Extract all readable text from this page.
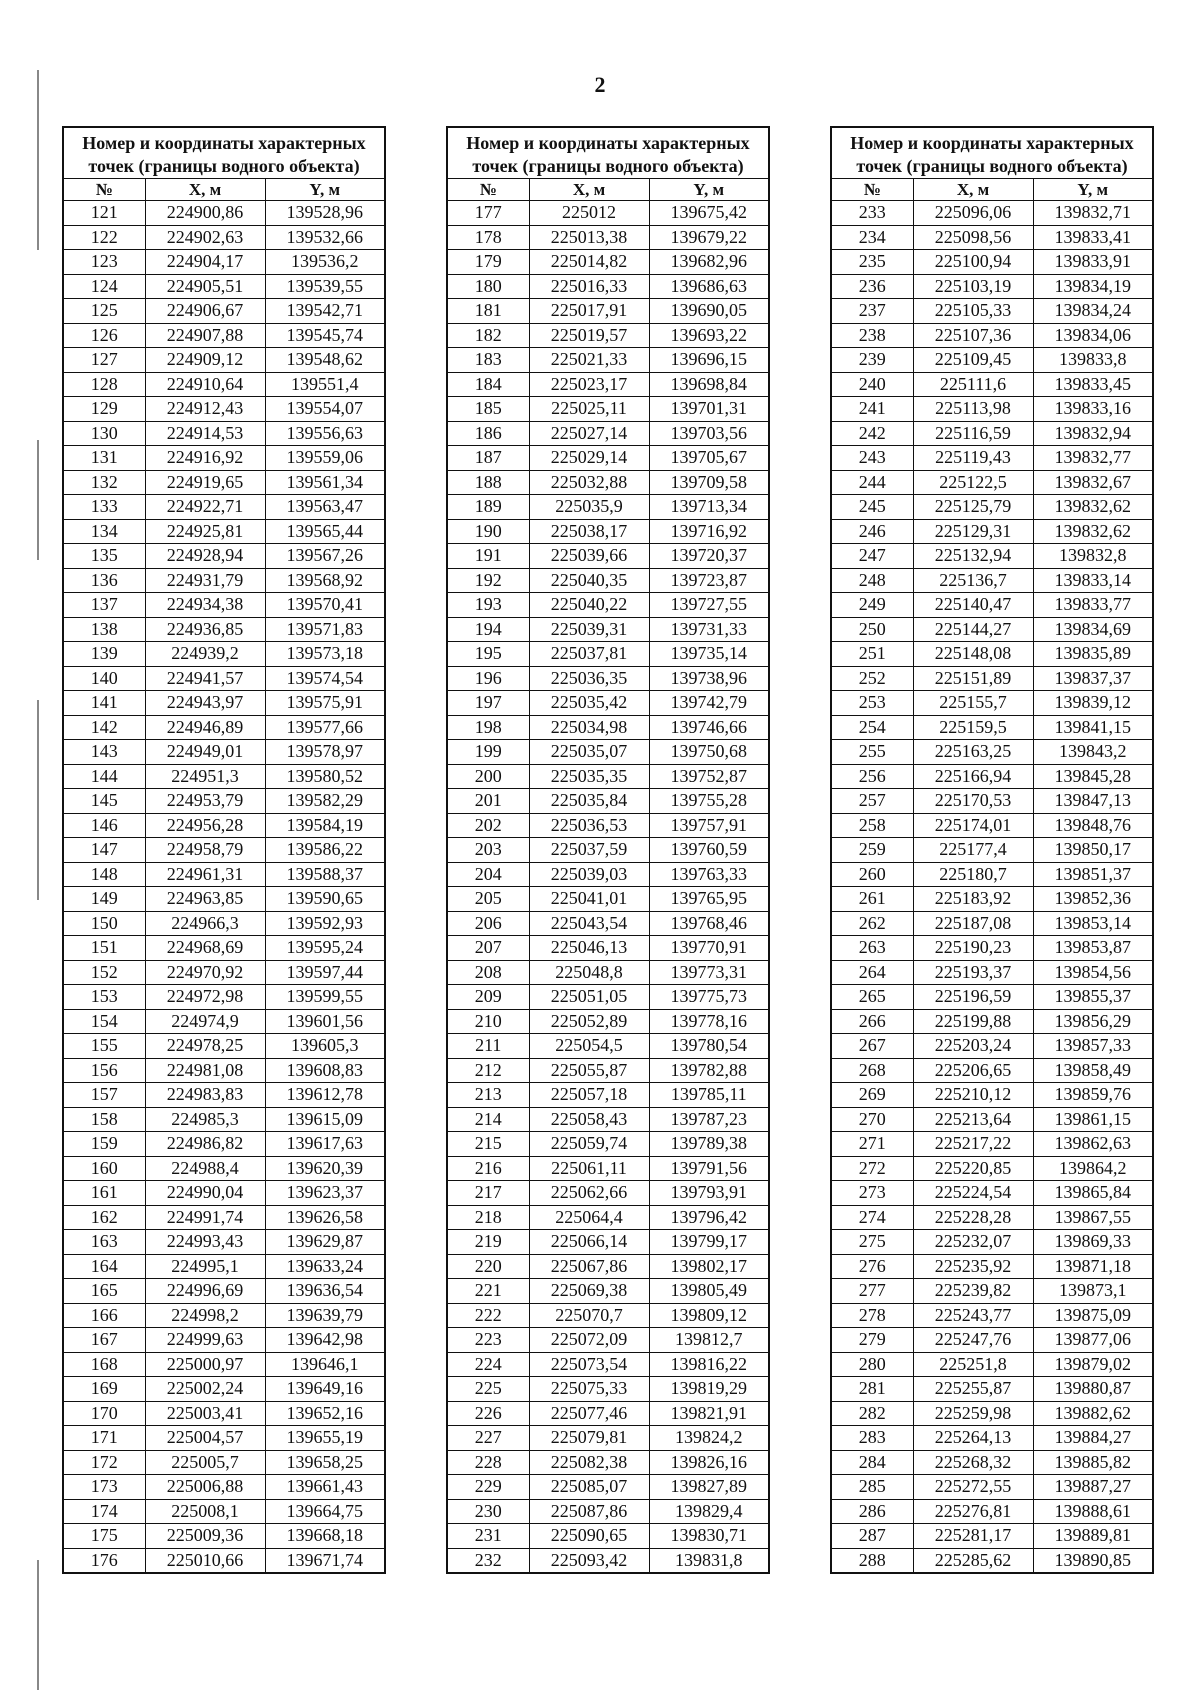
2
Номер и координаты характерных точек (границы водного объекта)		
№	X, м	Y, м
121	224900,86	139528,96
122	224902,63	139532,66
123	224904,17	139536,2
124	224905,51	139539,55
125	224906,67	139542,71
126	224907,88	139545,74
127	224909,12	139548,62
128	224910,64	139551,4
129	224912,43	139554,07
130	224914,53	139556,63
131	224916,92	139559,06
132	224919,65	139561,34
133	224922,71	139563,47
134	224925,81	139565,44
135	224928,94	139567,26
136	224931,79	139568,92
137	224934,38	139570,41
138	224936,85	139571,83
139	224939,2	139573,18
140	224941,57	139574,54
141	224943,97	139575,91
142	224946,89	139577,66
143	224949,01	139578,97
144	224951,3	139580,52
145	224953,79	139582,29
146	224956,28	139584,19
147	224958,79	139586,22
148	224961,31	139588,37
149	224963,85	139590,65
150	224966,3	139592,93
151	224968,69	139595,24
152	224970,92	139597,44
153	224972,98	139599,55
154	224974,9	139601,56
155	224978,25	139605,3
156	224981,08	139608,83
157	224983,83	139612,78
158	224985,3	139615,09
159	224986,82	139617,63
160	224988,4	139620,39
161	224990,04	139623,37
162	224991,74	139626,58
163	224993,43	139629,87
164	224995,1	139633,24
165	224996,69	139636,54
166	224998,2	139639,79
167	224999,63	139642,98
168	225000,97	139646,1
169	225002,24	139649,16
170	225003,41	139652,16
171	225004,57	139655,19
172	225005,7	139658,25
173	225006,88	139661,43
174	225008,1	139664,75
175	225009,36	139668,18
176	225010,66	139671,74
Номер и координаты характерных точек (границы водного объекта)		
№	X, м	Y, м
177	225012	139675,42
178	225013,38	139679,22
179	225014,82	139682,96
180	225016,33	139686,63
181	225017,91	139690,05
182	225019,57	139693,22
183	225021,33	139696,15
184	225023,17	139698,84
185	225025,11	139701,31
186	225027,14	139703,56
187	225029,14	139705,67
188	225032,88	139709,58
189	225035,9	139713,34
190	225038,17	139716,92
191	225039,66	139720,37
192	225040,35	139723,87
193	225040,22	139727,55
194	225039,31	139731,33
195	225037,81	139735,14
196	225036,35	139738,96
197	225035,42	139742,79
198	225034,98	139746,66
199	225035,07	139750,68
200	225035,35	139752,87
201	225035,84	139755,28
202	225036,53	139757,91
203	225037,59	139760,59
204	225039,03	139763,33
205	225041,01	139765,95
206	225043,54	139768,46
207	225046,13	139770,91
208	225048,8	139773,31
209	225051,05	139775,73
210	225052,89	139778,16
211	225054,5	139780,54
212	225055,87	139782,88
213	225057,18	139785,11
214	225058,43	139787,23
215	225059,74	139789,38
216	225061,11	139791,56
217	225062,66	139793,91
218	225064,4	139796,42
219	225066,14	139799,17
220	225067,86	139802,17
221	225069,38	139805,49
222	225070,7	139809,12
223	225072,09	139812,7
224	225073,54	139816,22
225	225075,33	139819,29
226	225077,46	139821,91
227	225079,81	139824,2
228	225082,38	139826,16
229	225085,07	139827,89
230	225087,86	139829,4
231	225090,65	139830,71
232	225093,42	139831,8
Номер и координаты характерных точек (границы водного объекта)		
№	X, м	Y, м
233	225096,06	139832,71
234	225098,56	139833,41
235	225100,94	139833,91
236	225103,19	139834,19
237	225105,33	139834,24
238	225107,36	139834,06
239	225109,45	139833,8
240	225111,6	139833,45
241	225113,98	139833,16
242	225116,59	139832,94
243	225119,43	139832,77
244	225122,5	139832,67
245	225125,79	139832,62
246	225129,31	139832,62
247	225132,94	139832,8
248	225136,7	139833,14
249	225140,47	139833,77
250	225144,27	139834,69
251	225148,08	139835,89
252	225151,89	139837,37
253	225155,7	139839,12
254	225159,5	139841,15
255	225163,25	139843,2
256	225166,94	139845,28
257	225170,53	139847,13
258	225174,01	139848,76
259	225177,4	139850,17
260	225180,7	139851,37
261	225183,92	139852,36
262	225187,08	139853,14
263	225190,23	139853,87
264	225193,37	139854,56
265	225196,59	139855,37
266	225199,88	139856,29
267	225203,24	139857,33
268	225206,65	139858,49
269	225210,12	139859,76
270	225213,64	139861,15
271	225217,22	139862,63
272	225220,85	139864,2
273	225224,54	139865,84
274	225228,28	139867,55
275	225232,07	139869,33
276	225235,92	139871,18
277	225239,82	139873,1
278	225243,77	139875,09
279	225247,76	139877,06
280	225251,8	139879,02
281	225255,87	139880,87
282	225259,98	139882,62
283	225264,13	139884,27
284	225268,32	139885,82
285	225272,55	139887,27
286	225276,81	139888,61
287	225281,17	139889,81
288	225285,62	139890,85
